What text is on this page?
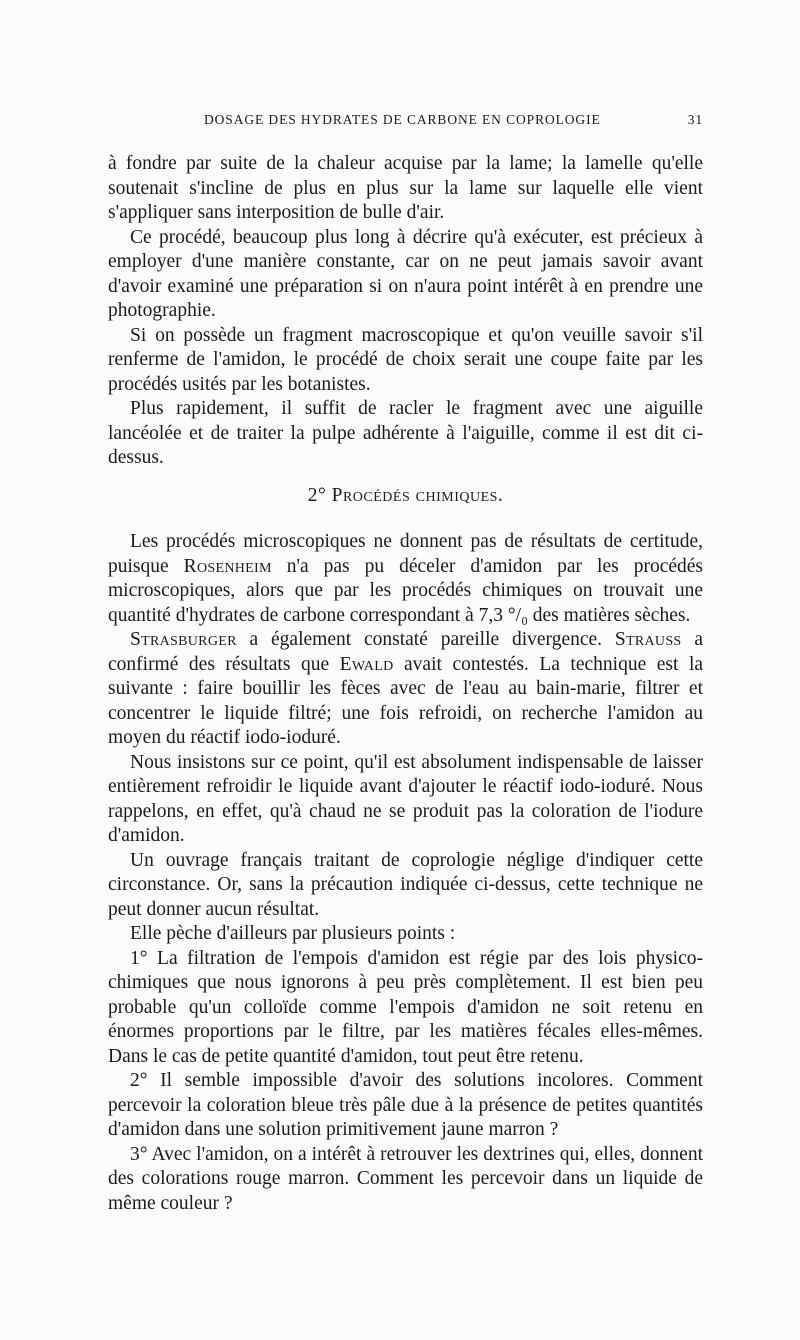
DOSAGE DES HYDRATES DE CARBONE EN COPROLOGIE	31

à fondre par suite de la chaleur acquise par la lame; la lamelle qu'elle soutenait s'incline de plus en plus sur la lame sur laquelle elle vient s'appliquer sans interposition de bulle d'air.

Ce procédé, beaucoup plus long à décrire qu'à exécuter, est précieux à employer d'une manière constante, car on ne peut jamais savoir avant d'avoir examiné une préparation si on n'aura point intérêt à en prendre une photographie.

Si on possède un fragment macroscopique et qu'on veuille savoir s'il renferme de l'amidon, le procédé de choix serait une coupe faite par les procédés usités par les botanistes.

Plus rapidement, il suffit de racler le fragment avec une aiguille lancéolée et de traiter la pulpe adhérente à l'aiguille, comme il est dit ci-dessus.

2° Procédés chimiques.

Les procédés microscopiques ne donnent pas de résultats de certitude, puisque Rosenheim n'a pas pu déceler d'amidon par les procédés microscopiques, alors que par les procédés chimiques on trouvait une quantité d'hydrates de carbone correspondant à 7,3 °/₀ des matières sèches.

Strasburger a également constaté pareille divergence. Strauss a confirmé des résultats que Ewald avait contestés. La technique est la suivante : faire bouillir les fèces avec de l'eau au bain-marie, filtrer et concentrer le liquide filtré; une fois refroidi, on recherche l'amidon au moyen du réactif iodo-ioduré.

Nous insistons sur ce point, qu'il est absolument indispensable de laisser entièrement refroidir le liquide avant d'ajouter le réactif iodo-ioduré. Nous rappelons, en effet, qu'à chaud ne se produit pas la coloration de l'iodure d'amidon.

Un ouvrage français traitant de coprologie néglige d'indiquer cette circonstance. Or, sans la précaution indiquée ci-dessus, cette technique ne peut donner aucun résultat.

Elle pèche d'ailleurs par plusieurs points :

1° La filtration de l'empois d'amidon est régie par des lois physico-chimiques que nous ignorons à peu près complètement. Il est bien peu probable qu'un colloïde comme l'empois d'amidon ne soit retenu en énormes proportions par le filtre, par les matières fécales elles-mêmes. Dans le cas de petite quantité d'amidon, tout peut être retenu.

2° Il semble impossible d'avoir des solutions incolores. Comment percevoir la coloration bleue très pâle due à la présence de petites quantités d'amidon dans une solution primitivement jaune marron ?

3° Avec l'amidon, on a intérêt à retrouver les dextrines qui, elles, donnent des colorations rouge marron. Comment les percevoir dans un liquide de même couleur ?
